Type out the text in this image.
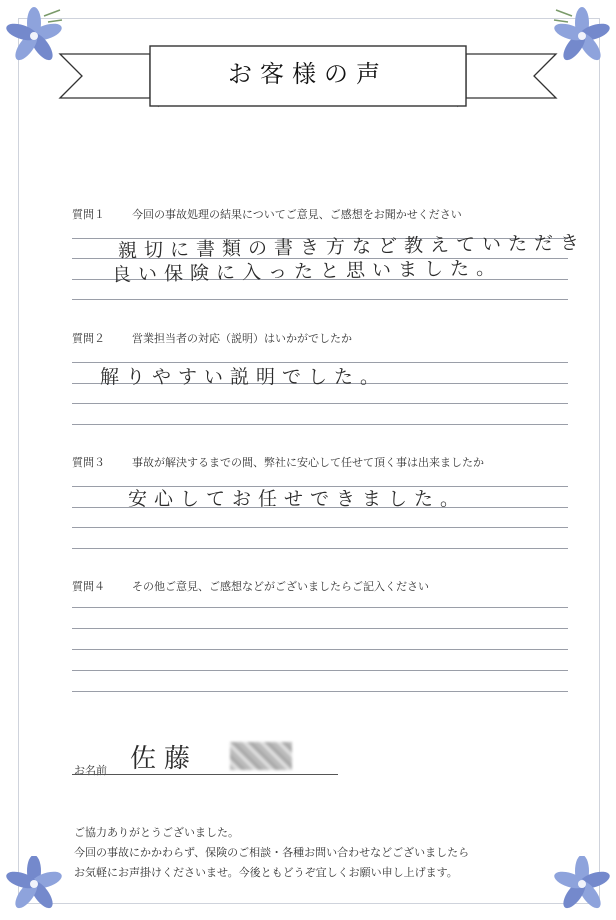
お客様の声
質問１ 今回の事故処理の結果についてご意見、ご感想をお聞かせください
親切に書類の書き方など教えていただき
良い保険に入ったと思いました。
質問２ 営業担当者の対応（説明）はいかがでしたか
解りやすい説明でした。
質問３ 事故が解決するまでの間、弊社に安心して任せて頂く事は出来ましたか
安心してお任せできました。
質問４ その他ご意見、ご感想などがございましたらご記入ください
お名前 佐藤
ご協力ありがとうございました。
今回の事故にかかわらず、保険のご相談・各種お問い合わせなどございましたら
お気軽にお声掛けくださいませ。今後ともどうぞ宜しくお願い申し上げます。
